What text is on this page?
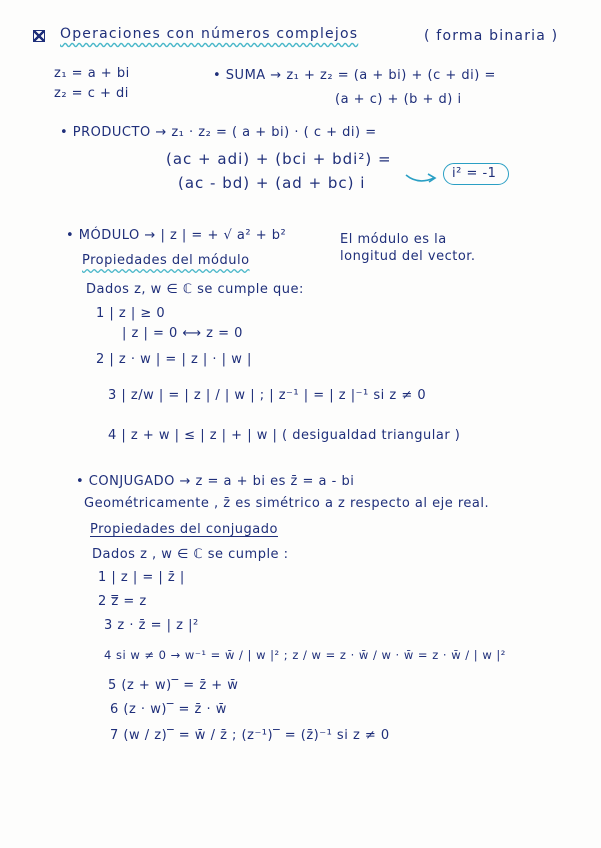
Operaciones con números complejos	( forma binaria )
z₁ = a + bi
z₂ = c + di
• SUMA → z₁ + z₂ = (a + bi) + (c + di) =
(a + c) + (b + d) i
• PRODUCTO → z₁ · z₂ = ( a + bi) · ( c + di) =
(ac + adi) + (bci + bdi²) =
(ac - bd) + (ad + bc) i
i² = -1
• MÓDULO → | z | = + √ a² + b²	El módulo es la
longitud del vector.
Propiedades del módulo
Dados z, w ∈ ℂ se cumple que:
1 | z | ≥ 0
| z | = 0 ⟷ z = 0
2 | z · w | = | z | · | w |
3 | z/w | = | z | / | w | ; | z⁻¹ | = | z |⁻¹ si z ≠ 0
4 | z + w | ≤ | z | + | w | ( desigualdad triangular )
• CONJUGADO → z = a + bi es z̄ = a - bi
Geométricamente , z̄ es simétrico a z respecto al eje real.
Propiedades del conjugado
Dados z , w ∈ ℂ se cumple :
1 | z | = | z̄ |
2 z̿ = z
3 z · z̄ = | z |²
4 si w ≠ 0 → w⁻¹ = w̄ / | w |² ; z / w = z · w̄ / w · w̄ = z · w̄ / | w |²
5 (z + w)‾ = z̄ + w̄
6 (z · w)‾ = z̄ · w̄
7 (w / z)‾ = w̄ / z̄ ; (z⁻¹)‾ = (z̄)⁻¹ si z ≠ 0
